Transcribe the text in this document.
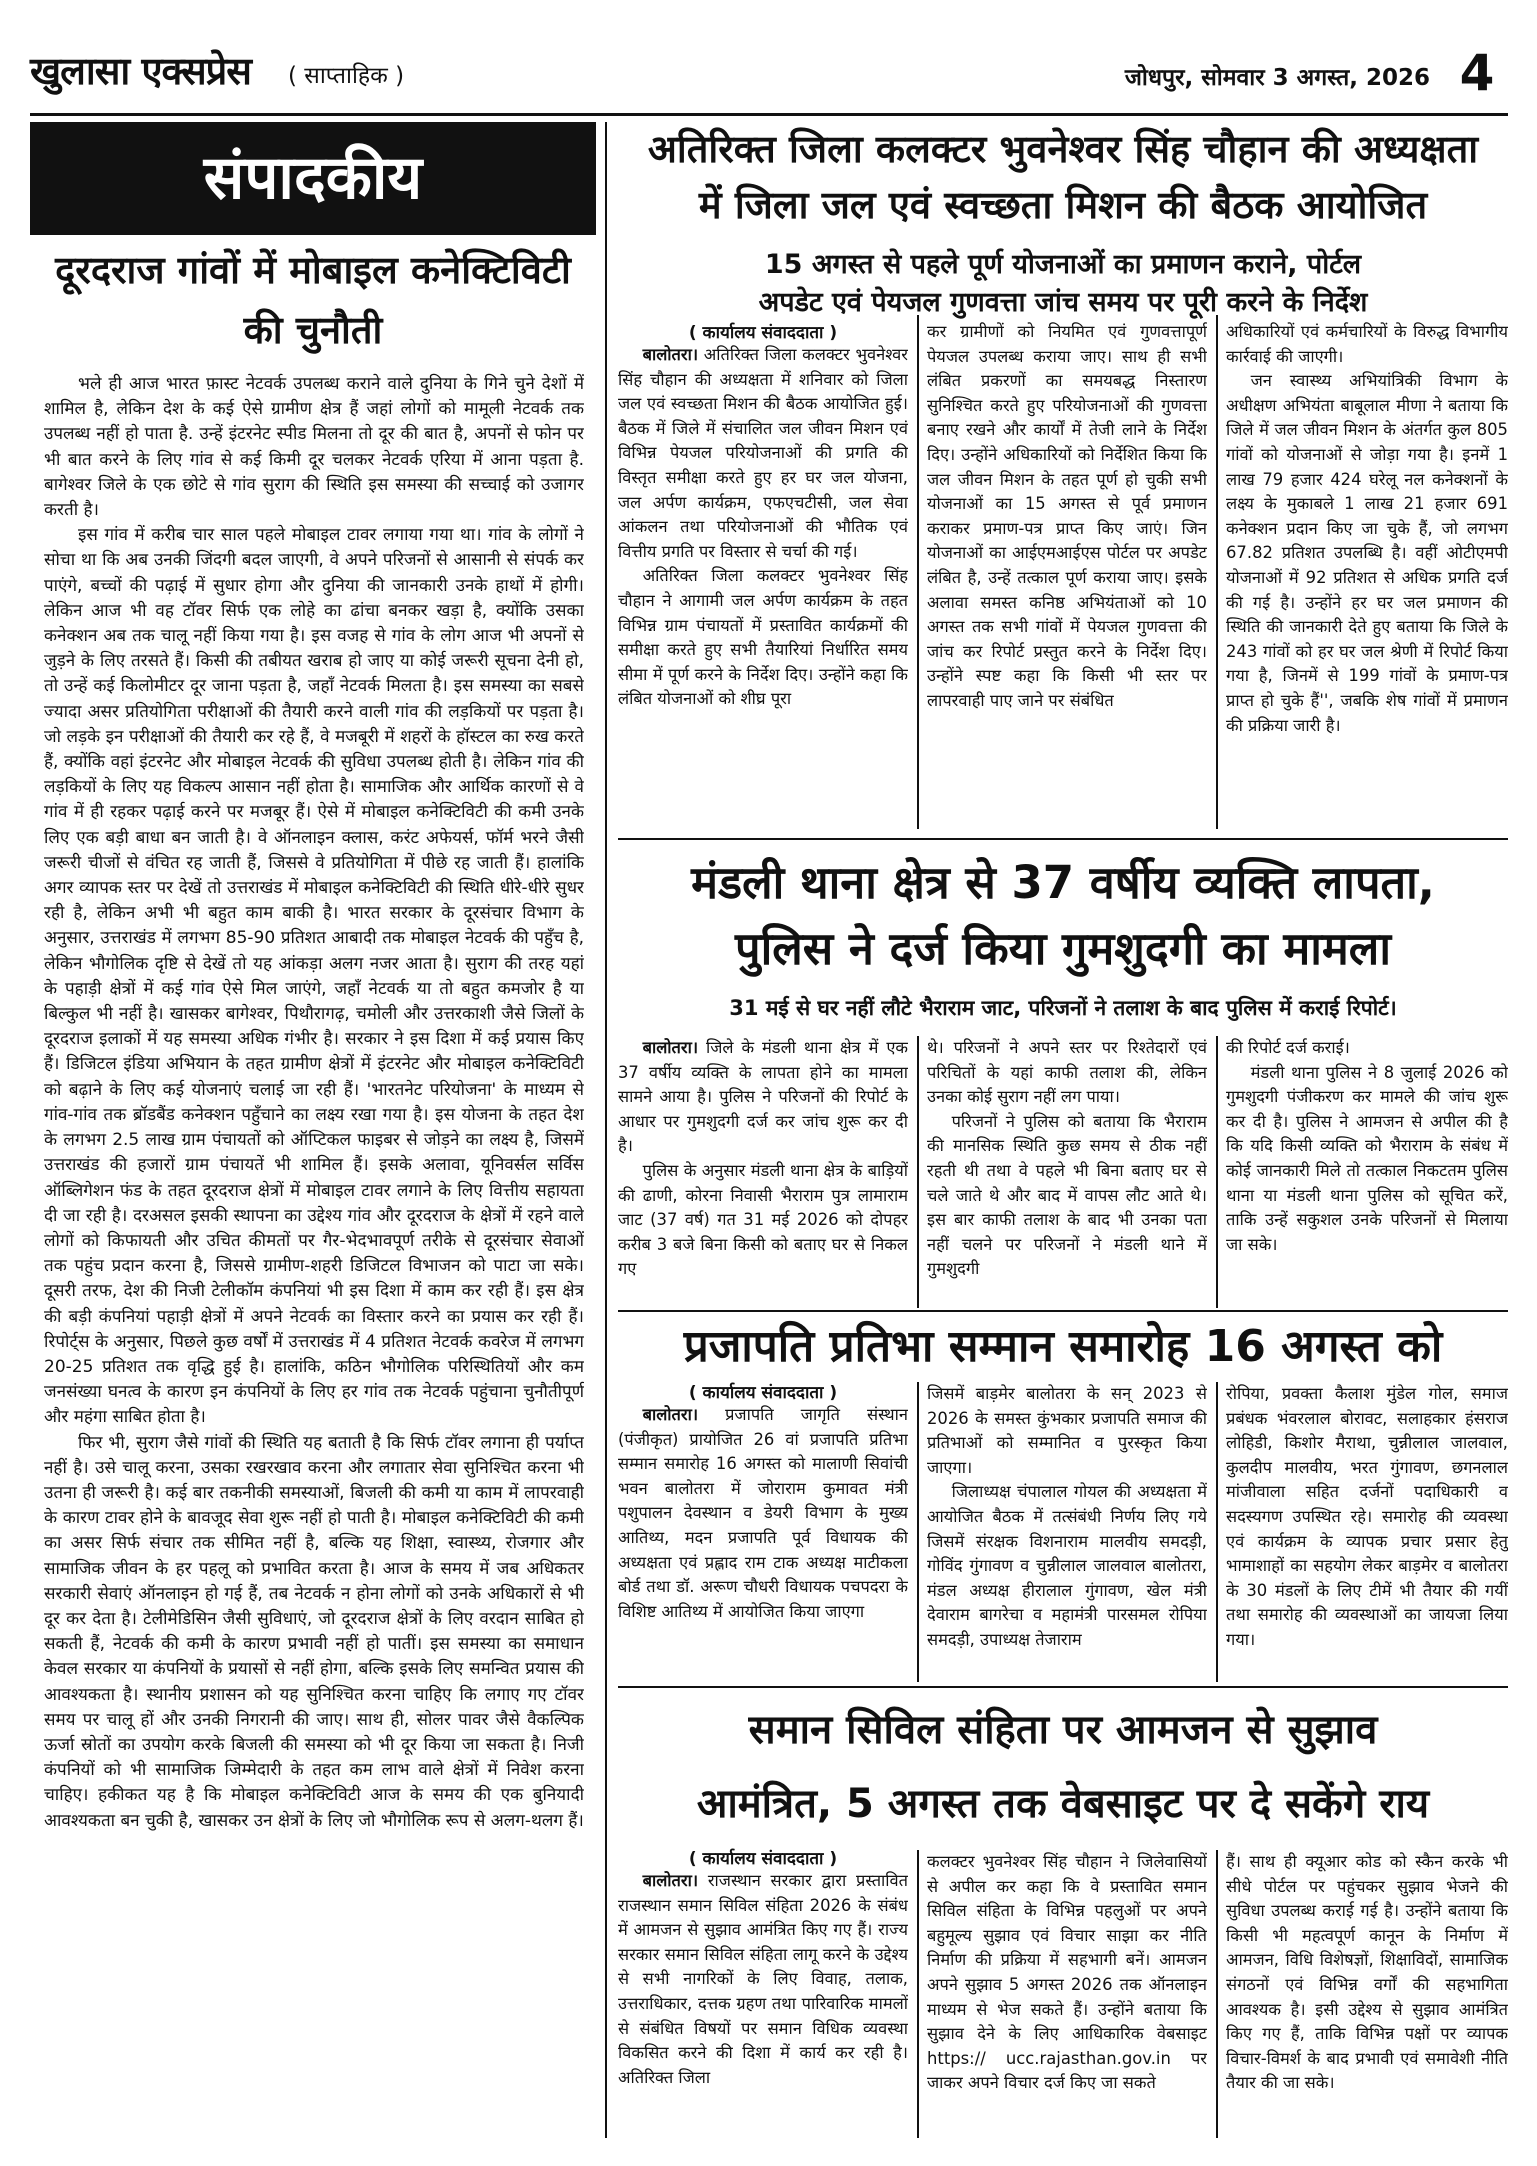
खुलासा एक्सप्रेस ( साप्ताहिक )	जोधपुर, सोमवार 3 अगस्त, 2026 4
संपादकीय
दूरदराज गांवों में मोबाइल कनेक्टिविटी की चुनौती

भले ही आज भारत फ़ास्ट नेटवर्क उपलब्ध कराने वाले दुनिया के गिने चुने देशों में शामिल है, लेकिन देश के कई ऐसे ग्रामीण क्षेत्र हैं जहां लोगों को मामूली नेटवर्क तक उपलब्ध नहीं हो पाता है. उन्हें इंटरनेट स्पीड मिलना तो दूर की बात है, अपनों से फोन पर भी बात करने के लिए गांव से कई किमी दूर चलकर नेटवर्क एरिया में आना पड़ता है. बागेश्वर जिले के एक छोटे से गांव सुराग की स्थिति इस समस्या की सच्चाई को उजागर करती है।

इस गांव में करीब चार साल पहले मोबाइल टावर लगाया गया था। गांव के लोगों ने सोचा था कि अब उनकी जिंदगी बदल जाएगी, वे अपने परिजनों से आसानी से संपर्क कर पाएंगे, बच्चों की पढ़ाई में सुधार होगा और दुनिया की जानकारी उनके हाथों में होगी। लेकिन आज भी वह टॉवर सिर्फ एक लोहे का ढांचा बनकर खड़ा है, क्योंकि उसका कनेक्शन अब तक चालू नहीं किया गया है। इस वजह से गांव के लोग आज भी अपनों से जुड़ने के लिए तरसते हैं। किसी की तबीयत खराब हो जाए या कोई जरूरी सूचना देनी हो, तो उन्हें कई किलोमीटर दूर जाना पड़ता है, जहाँ नेटवर्क मिलता है। इस समस्या का सबसे ज्यादा असर प्रतियोगिता परीक्षाओं की तैयारी करने वाली गांव की लड़कियों पर पड़ता है। जो लड़के इन परीक्षाओं की तैयारी कर रहे हैं, वे मजबूरी में शहरों के हॉस्टल का रुख करते हैं, क्योंकि वहां इंटरनेट और मोबाइल नेटवर्क की सुविधा उपलब्ध होती है। लेकिन गांव की लड़कियों के लिए यह विकल्प आसान नहीं होता है। सामाजिक और आर्थिक कारणों से वे गांव में ही रहकर पढ़ाई करने पर मजबूर हैं। ऐसे में मोबाइल कनेक्टिविटी की कमी उनके लिए एक बड़ी बाधा बन जाती है। वे ऑनलाइन क्लास, करंट अफेयर्स, फॉर्म भरने जैसी जरूरी चीजों से वंचित रह जाती हैं, जिससे वे प्रतियोगिता में पीछे रह जाती हैं। हालांकि अगर व्यापक स्तर पर देखें तो उत्तराखंड में मोबाइल कनेक्टिविटी की स्थिति धीरे-धीरे सुधर रही है, लेकिन अभी भी बहुत काम बाकी है। भारत सरकार के दूरसंचार विभाग के अनुसार, उत्तराखंड में लगभग 85-90 प्रतिशत आबादी तक मोबाइल नेटवर्क की पहुँच है, लेकिन भौगोलिक दृष्टि से देखें तो यह आंकड़ा अलग नजर आता है। सुराग की तरह यहां के पहाड़ी क्षेत्रों में कई गांव ऐसे मिल जाएंगे, जहाँ नेटवर्क या तो बहुत कमजोर है या बिल्कुल भी नहीं है। खासकर बागेश्वर, पिथौरागढ़, चमोली और उत्तरकाशी जैसे जिलों के दूरदराज इलाकों में यह समस्या अधिक गंभीर है। सरकार ने इस दिशा में कई प्रयास किए हैं। डिजिटल इंडिया अभियान के तहत ग्रामीण क्षेत्रों में इंटरनेट और मोबाइल कनेक्टिविटी को बढ़ाने के लिए कई योजनाएं चलाई जा रही हैं। 'भारतनेट परियोजना' के माध्यम से गांव-गांव तक ब्रॉडबैंड कनेक्शन पहुँचाने का लक्ष्य रखा गया है। इस योजना के तहत देश के लगभग 2.5 लाख ग्राम पंचायतों को ऑप्टिकल फाइबर से जोड़ने का लक्ष्य है, जिसमें उत्तराखंड की हजारों ग्राम पंचायतें भी शामिल हैं। इसके अलावा, यूनिवर्सल सर्विस ऑब्लिगेशन फंड के तहत दूरदराज क्षेत्रों में मोबाइल टावर लगाने के लिए वित्तीय सहायता दी जा रही है। दरअसल इसकी स्थापना का उद्देश्य गांव और दूरदराज के क्षेत्रों में रहने वाले लोगों को किफायती और उचित कीमतों पर गैर-भेदभावपूर्ण तरीके से दूरसंचार सेवाओं तक पहुंच प्रदान करना है, जिससे ग्रामीण-शहरी डिजिटल विभाजन को पाटा जा सके। दूसरी तरफ, देश की निजी टेलीकॉम कंपनियां भी इस दिशा में काम कर रही हैं। इस क्षेत्र की बड़ी कंपनियां पहाड़ी क्षेत्रों में अपने नेटवर्क का विस्तार करने का प्रयास कर रही हैं। रिपोर्ट्स के अनुसार, पिछले कुछ वर्षों में उत्तराखंड में 4 प्रतिशत नेटवर्क कवरेज में लगभग 20-25 प्रतिशत तक वृद्धि हुई है। हालांकि, कठिन भौगोलिक परिस्थितियों और कम जनसंख्या घनत्व के कारण इन कंपनियों के लिए हर गांव तक नेटवर्क पहुंचाना चुनौतीपूर्ण और महंगा साबित होता है।

फिर भी, सुराग जैसे गांवों की स्थिति यह बताती है कि सिर्फ टॉवर लगाना ही पर्याप्त नहीं है। उसे चालू करना, उसका रखरखाव करना और लगातार सेवा सुनिश्चित करना भी उतना ही जरूरी है। कई बार तकनीकी समस्याओं, बिजली की कमी या काम में लापरवाही के कारण टावर होने के बावजूद सेवा शुरू नहीं हो पाती है। मोबाइल कनेक्टिविटी की कमी का असर सिर्फ संचार तक सीमित नहीं है, बल्कि यह शिक्षा, स्वास्थ्य, रोजगार और सामाजिक जीवन के हर पहलू को प्रभावित करता है। आज के समय में जब अधिकतर सरकारी सेवाएं ऑनलाइन हो गई हैं, तब नेटवर्क न होना लोगों को उनके अधिकारों से भी दूर कर देता है। टेलीमेडिसिन जैसी सुविधाएं, जो दूरदराज क्षेत्रों के लिए वरदान साबित हो सकती हैं, नेटवर्क की कमी के कारण प्रभावी नहीं हो पातीं। इस समस्या का समाधान केवल सरकार या कंपनियों के प्रयासों से नहीं होगा, बल्कि इसके लिए समन्वित प्रयास की आवश्यकता है। स्थानीय प्रशासन को यह सुनिश्चित करना चाहिए कि लगाए गए टॉवर समय पर चालू हों और उनकी निगरानी की जाए। साथ ही, सोलर पावर जैसे वैकल्पिक ऊर्जा स्रोतों का उपयोग करके बिजली की समस्या को भी दूर किया जा सकता है। निजी कंपनियों को भी सामाजिक जिम्मेदारी के तहत कम लाभ वाले क्षेत्रों में निवेश करना चाहिए। हकीकत यह है कि मोबाइल कनेक्टिविटी आज के समय की एक बुनियादी आवश्यकता बन चुकी है, खासकर उन क्षेत्रों के लिए जो भौगोलिक रूप से अलग-थलग हैं।

अतिरिक्त जिला कलक्टर भुवनेश्वर सिंह चौहान की अध्यक्षता
में जिला जल एवं स्वच्छता मिशन की बैठक आयोजित
15 अगस्त से पहले पूर्ण योजनाओं का प्रमाणन कराने, पोर्टल
अपडेट एवं पेयजल गुणवत्ता जांच समय पर पूरी करने के निर्देश
( कार्यालय संवाददाता )

बालोतरा। अतिरिक्त जिला कलक्टर भुवनेश्वर सिंह चौहान की अध्यक्षता में शनिवार को जिला जल एवं स्वच्छता मिशन की बैठक आयोजित हुई। बैठक में जिले में संचालित जल जीवन मिशन एवं विभिन्न पेयजल परियोजनाओं की प्रगति की विस्तृत समीक्षा करते हुए हर घर जल योजना, जल अर्पण कार्यक्रम, एफएचटीसी, जल सेवा आंकलन तथा परियोजनाओं की भौतिक एवं वित्तीय प्रगति पर विस्तार से चर्चा की गई।

अतिरिक्त जिला कलक्टर भुवनेश्वर सिंह चौहान ने आगामी जल अर्पण कार्यक्रम के तहत विभिन्न ग्राम पंचायतों में प्रस्तावित कार्यक्रमों की समीक्षा करते हुए सभी तैयारियां निर्धारित समय सीमा में पूर्ण करने के निर्देश दिए। उन्होंने कहा कि लंबित योजनाओं को शीघ्र पूरा

कर ग्रामीणों को नियमित एवं गुणवत्तापूर्ण पेयजल उपलब्ध कराया जाए। साथ ही सभी लंबित प्रकरणों का समयबद्ध निस्तारण सुनिश्चित करते हुए परियोजनाओं की गुणवत्ता बनाए रखने और कार्यों में तेजी लाने के निर्देश दिए। उन्होंने अधिकारियों को निर्देशित किया कि जल जीवन मिशन के तहत पूर्ण हो चुकी सभी योजनाओं का 15 अगस्त से पूर्व प्रमाणन कराकर प्रमाण-पत्र प्राप्त किए जाएं। जिन योजनाओं का आईएमआईएस पोर्टल पर अपडेट लंबित है, उन्हें तत्काल पूर्ण कराया जाए। इसके अलावा समस्त कनिष्ठ अभियंताओं को 10 अगस्त तक सभी गांवों में पेयजल गुणवत्ता की जांच कर रिपोर्ट प्रस्तुत करने के निर्देश दिए। उन्होंने स्पष्ट कहा कि किसी भी स्तर पर लापरवाही पाए जाने पर संबंधित

अधिकारियों एवं कर्मचारियों के विरुद्ध विभागीय कार्रवाई की जाएगी।

जन स्वास्थ्य अभियांत्रिकी विभाग के अधीक्षण अभियंता बाबूलाल मीणा ने बताया कि जिले में जल जीवन मिशन के अंतर्गत कुल 805 गांवों को योजनाओं से जोड़ा गया है। इनमें 1 लाख 79 हजार 424 घरेलू नल कनेक्शनों के लक्ष्य के मुकाबले 1 लाख 21 हजार 691 कनेक्शन प्रदान किए जा चुके हैं, जो लगभग 67.82 प्रतिशत उपलब्धि है। वहीं ओटीएमपी योजनाओं में 92 प्रतिशत से अधिक प्रगति दर्ज की गई है। उन्होंने हर घर जल प्रमाणन की स्थिति की जानकारी देते हुए बताया कि जिले के 243 गांवों को हर घर जल श्रेणी में रिपोर्ट किया गया है, जिनमें से 199 गांवों के प्रमाण-पत्र प्राप्त हो चुके हैं'', जबकि शेष गांवों में प्रमाणन की प्रक्रिया जारी है।

मंडली थाना क्षेत्र से 37 वर्षीय व्यक्ति लापता,
पुलिस ने दर्ज किया गुमशुदगी का मामला
31 मई से घर नहीं लौटे भैराराम जाट, परिजनों ने तलाश के बाद पुलिस में कराई रिपोर्ट।

बालोतरा। जिले के मंडली थाना क्षेत्र में एक 37 वर्षीय व्यक्ति के लापता होने का मामला सामने आया है। पुलिस ने परिजनों की रिपोर्ट के आधार पर गुमशुदगी दर्ज कर जांच शुरू कर दी है।

पुलिस के अनुसार मंडली थाना क्षेत्र के बाड़ियों की ढाणी, कोरना निवासी भैराराम पुत्र लामाराम जाट (37 वर्ष) गत 31 मई 2026 को दोपहर करीब 3 बजे बिना किसी को बताए घर से निकल गए

थे। परिजनों ने अपने स्तर पर रिश्तेदारों एवं परिचितों के यहां काफी तलाश की, लेकिन उनका कोई सुराग नहीं लग पाया।

परिजनों ने पुलिस को बताया कि भैराराम की मानसिक स्थिति कुछ समय से ठीक नहीं रहती थी तथा वे पहले भी बिना बताए घर से चले जाते थे और बाद में वापस लौट आते थे। इस बार काफी तलाश के बाद भी उनका पता नहीं चलने पर परिजनों ने मंडली थाने में गुमशुदगी

की रिपोर्ट दर्ज कराई।

मंडली थाना पुलिस ने 8 जुलाई 2026 को गुमशुदगी पंजीकरण कर मामले की जांच शुरू कर दी है। पुलिस ने आमजन से अपील की है कि यदि किसी व्यक्ति को भैराराम के संबंध में कोई जानकारी मिले तो तत्काल निकटतम पुलिस थाना या मंडली थाना पुलिस को सूचित करें, ताकि उन्हें सकुशल उनके परिजनों से मिलाया जा सके।

प्रजापति प्रतिभा सम्मान समारोह 16 अगस्त को
( कार्यालय संवाददाता )

बालोतरा। प्रजापति जागृति संस्थान (पंजीकृत) प्रायोजित 26 वां प्रजापति प्रतिभा सम्मान समारोह 16 अगस्त को मालाणी सिवांची भवन बालोतरा में जोराराम कुमावत मंत्री पशुपालन देवस्थान व डेयरी विभाग के मुख्य आतिथ्य, मदन प्रजापति पूर्व विधायक की अध्यक्षता एवं प्रह्लाद राम टाक अध्यक्ष माटीकला बोर्ड तथा डॉ. अरूण चौधरी विधायक पचपदरा के विशिष्ट आतिथ्य में आयोजित किया जाएगा

जिसमें बाड़मेर बालोतरा के सन् 2023 से 2026 के समस्त कुंभकार प्रजापति समाज की प्रतिभाओं को सम्मानित व पुरस्कृत किया जाएगा।

जिलाध्यक्ष चंपालाल गोयल की अध्यक्षता में आयोजित बैठक में तत्संबंधी निर्णय लिए गये जिसमें संरक्षक विशनाराम मालवीय समदड़ी, गोविंद गुंगावण व चुन्नीलाल जालवाल बालोतरा, मंडल अध्यक्ष हीरालाल गुंगावण, खेल मंत्री देवाराम बागरेचा व महामंत्री पारसमल रोपिया समदड़ी, उपाध्यक्ष तेजाराम

रोपिया, प्रवक्ता कैलाश मुंडेल गोल, समाज प्रबंधक भंवरलाल बोरावट, सलाहकार हंसराज लोहिडी, किशोर मैराथा, चुन्नीलाल जालवाल, कुलदीप मालवीय, भरत गुंगावण, छगनलाल मांजीवाला सहित दर्जनों पदाधिकारी व सदस्यगण उपस्थित रहे। समारोह की व्यवस्था एवं कार्यक्रम के व्यापक प्रचार प्रसार हेतु भामाशाहों का सहयोग लेकर बाड़मेर व बालोतरा के 30 मंडलों के लिए टीमें भी तैयार की गयीं तथा समारोह की व्यवस्थाओं का जायजा लिया गया।

समान सिविल संहिता पर आमजन से सुझाव
आमंत्रित, 5 अगस्त तक वेबसाइट पर दे सकेंगे राय
( कार्यालय संवाददाता )

बालोतरा। राजस्थान सरकार द्वारा प्रस्तावित राजस्थान समान सिविल संहिता 2026 के संबंध में आमजन से सुझाव आमंत्रित किए गए हैं। राज्य सरकार समान सिविल संहिता लागू करने के उद्देश्य से सभी नागरिकों के लिए विवाह, तलाक, उत्तराधिकार, दत्तक ग्रहण तथा पारिवारिक मामलों से संबंधित विषयों पर समान विधिक व्यवस्था विकसित करने की दिशा में कार्य कर रही है। अतिरिक्त जिला

कलक्टर भुवनेश्वर सिंह चौहान ने जिलेवासियों से अपील कर कहा कि वे प्रस्तावित समान सिविल संहिता के विभिन्न पहलुओं पर अपने बहुमूल्य सुझाव एवं विचार साझा कर नीति निर्माण की प्रक्रिया में सहभागी बनें। आमजन अपने सुझाव 5 अगस्त 2026 तक ऑनलाइन माध्यम से भेज सकते हैं। उन्होंने बताया कि सुझाव देने के लिए आधिकारिक वेबसाइट https:// ucc.rajasthan.gov.in पर जाकर अपने विचार दर्ज किए जा सकते

हैं। साथ ही क्यूआर कोड को स्कैन करके भी सीधे पोर्टल पर पहुंचकर सुझाव भेजने की सुविधा उपलब्ध कराई गई है। उन्होंने बताया कि किसी भी महत्वपूर्ण कानून के निर्माण में आमजन, विधि विशेषज्ञों, शिक्षाविदों, सामाजिक संगठनों एवं विभिन्न वर्गों की सहभागिता आवश्यक है। इसी उद्देश्य से सुझाव आमंत्रित किए गए हैं, ताकि विभिन्न पक्षों पर व्यापक विचार-विमर्श के बाद प्रभावी एवं समावेशी नीति तैयार की जा सके।
